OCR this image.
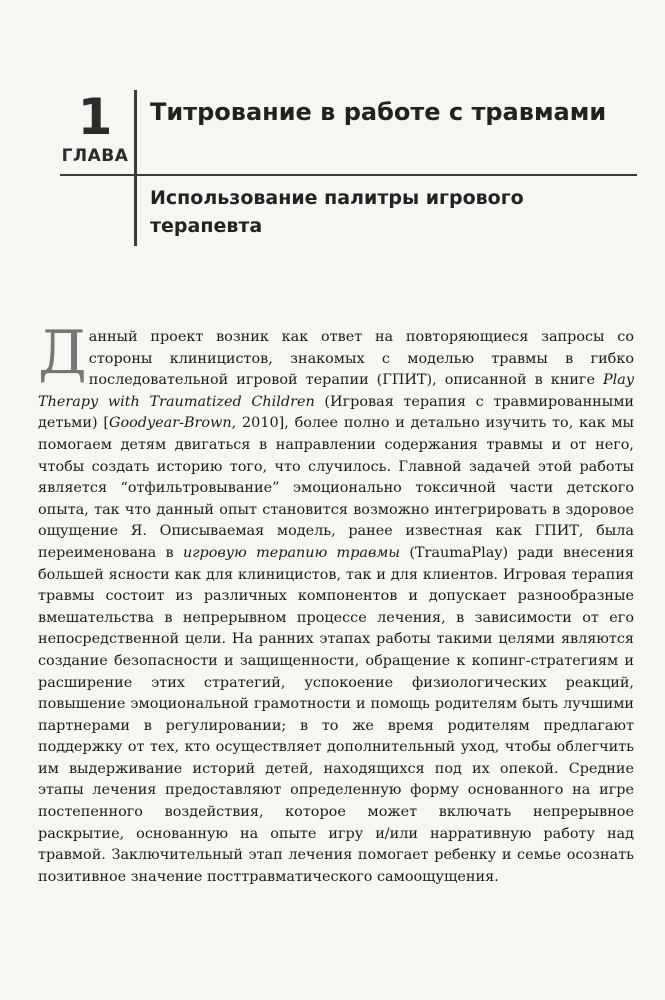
1
ГЛАВА
Титрование в работе с травмами
Использование палитры игрового терапевта

Данный проект возник как ответ на повторяющиеся запросы со стороны клиницистов, знакомых с моделью травмы в гибко последовательной игровой терапии (ГПИТ), описанной в книге Play Therapy with Traumatized Children (Игровая терапия с травмированными детьми) [Goodyear-Brown, 2010], более полно и детально изучить то, как мы помогаем детям двигаться в направлении содержания травмы и от него, чтобы создать историю того, что случилось. Главной задачей этой работы является “отфильтровывание” эмоционально токсичной части детского опыта, так что данный опыт становится возможно интегрировать в здоровое ощущение Я. Описываемая модель, ранее известная как ГПИТ, была переименована в игровую терапию травмы (TraumaPlay) ради внесения большей ясности как для клиницистов, так и для клиентов. Игровая терапия травмы состоит из различных компонентов и допускает разнообразные вмешательства в непрерывном процессе лечения, в зависимости от его непосредственной цели. На ранних этапах работы такими целями являются создание безопасности и защищенности, обращение к копинг-стратегиям и расширение этих стратегий, успокоение физиологических реакций, повышение эмоциональной грамотности и помощь родителям быть лучшими партнерами в регулировании; в то же время родителям предлагают поддержку от тех, кто осуществляет дополнительный уход, чтобы облегчить им выдерживание историй детей, находящихся под их опекой. Средние этапы лечения предоставляют определенную форму основанного на игре постепенного воздействия, которое может включать непрерывное раскрытие, основанную на опыте игру и/или нарративную работу над травмой. Заключительный этап лечения помогает ребенку и семье осознать позитивное значение посттравматического самоощущения.
